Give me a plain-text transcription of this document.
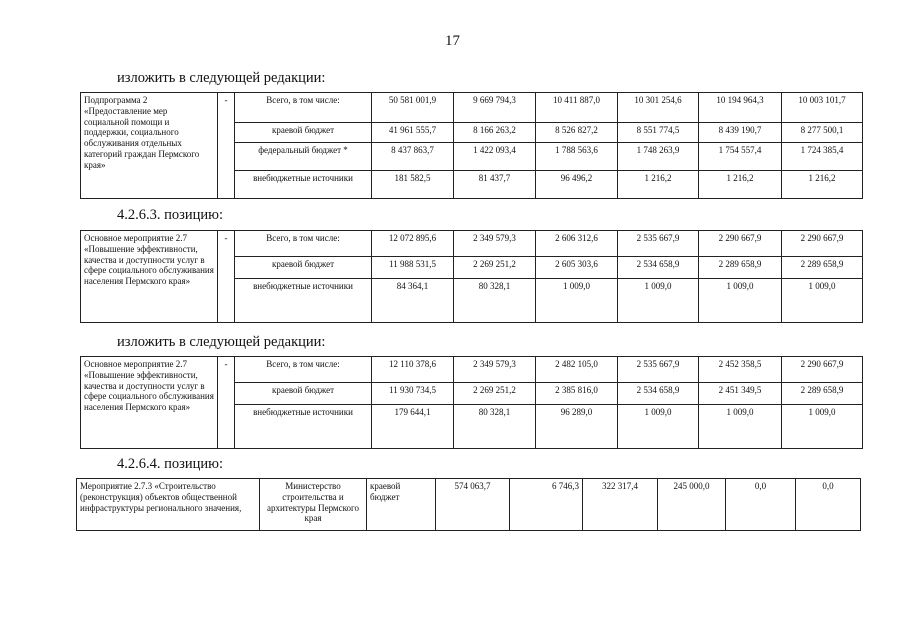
17
изложить в следующей редакции:
Подпрограмма 2 «Предоставление мер социальной помощи и поддержки, социального обслуживания отдельных категорий граждан Пермского края»	-	Всего, в том числе:	50 581 001,9	9 669 794,3	10 411 887,0	10 301 254,6	10 194 964,3	10 003 101,7
		краевой бюджет	41 961 555,7	8 166 263,2	8 526 827,2	8 551 774,5	8 439 190,7	8 277 500,1
		федеральный бюджет *	8 437 863,7	1 422 093,4	1 788 563,6	1 748 263,9	1 754 557,4	1 724 385,4
		внебюджетные источники	181 582,5	81 437,7	96 496,2	1 216,2	1 216,2	1 216,2
4.2.6.3. позицию:
Основное мероприятие 2.7 «Повышение эффективности, качества и доступности услуг в сфере социального обслуживания населения Пермского края»	-	Всего, в том числе:	12 072 895,6	2 349 579,3	2 606 312,6	2 535 667,9	2 290 667,9	2 290 667,9
		краевой бюджет	11 988 531,5	2 269 251,2	2 605 303,6	2 534 658,9	2 289 658,9	2 289 658,9
		внебюджетные источники	84 364,1	80 328,1	1 009,0	1 009,0	1 009,0	1 009,0
изложить в следующей редакции:
Основное мероприятие 2.7 «Повышение эффективности, качества и доступности услуг в сфере социального обслуживания населения Пермского края»	-	Всего, в том числе:	12 110 378,6	2 349 579,3	2 482 105,0	2 535 667,9	2 452 358,5	2 290 667,9
		краевой бюджет	11 930 734,5	2 269 251,2	2 385 816,0	2 534 658,9	2 451 349,5	2 289 658,9
		внебюджетные источники	179 644,1	80 328,1	96 289,0	1 009,0	1 009,0	1 009,0
4.2.6.4. позицию:
Мероприятие 2.7.3 «Строительство (реконструкция) объектов общественной инфраструктуры регионального значения,	Министерство строительства и архитектуры Пермского края	краевой бюджет	574 063,7	6 746,3	322 317,4	245 000,0	0,0	0,0
